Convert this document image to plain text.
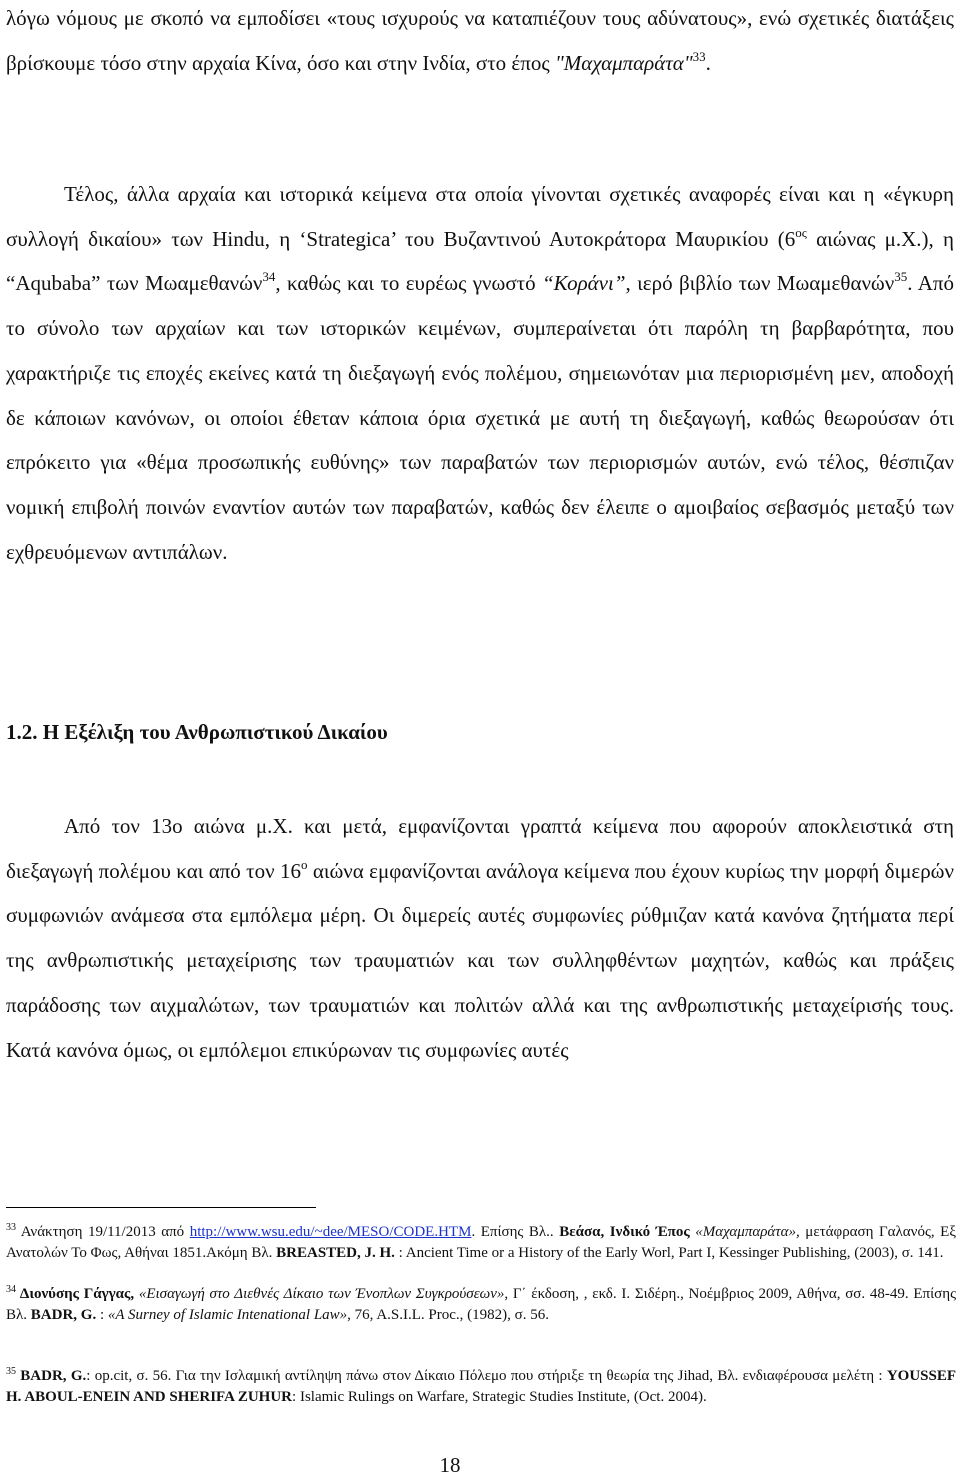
λόγω νόμους με σκοπό να εμποδίσει «τους ισχυρούς να καταπιέζουν τους αδύνατους», ενώ σχετικές διατάξεις βρίσκουμε τόσο στην αρχαία Κίνα, όσο και στην Ινδία, στο έπος "Μαχαμπαράτα"$^{33}$.

Τέλος, άλλα αρχαία και ιστορικά κείμενα στα οποία γίνονται σχετικές αναφορές είναι και η «έγκυρη συλλογή δικαίου» των Hindu, η ‘Strategica’ του Βυζαντινού Αυτοκράτορα Μαυρικίου ($6^{o\varsigma}$ αιώνας μ.Χ.), η “Aqubaba” των Μωαμεθανών$^{34}$, καθώς και το ευρέως γνωστό “Κοράνι”, ιερό βιβλίο των Μωαμεθανών$^{35}$. Από το σύνολο των αρχαίων και των ιστορικών κειμένων, συμπεραίνεται ότι παρόλη τη βαρβαρότητα, που χαρακτήριζε τις εποχές εκείνες κατά τη διεξαγωγή ενός πολέμου, σημειωνόταν μια περιορισμένη μεν, αποδοχή δε κάποιων κανόνων, οι οποίοι έθεταν κάποια όρια σχετικά με αυτή τη διεξαγωγή, καθώς θεωρούσαν ότι επρόκειτο για «θέμα προσωπικής ευθύνης» των παραβατών των περιορισμών αυτών, ενώ τέλος, θέσπιζαν νομική επιβολή ποινών εναντίον αυτών των παραβατών, καθώς δεν έλειπε ο αμοιβαίος σεβασμός μεταξύ των εχθρευόμενων αντιπάλων.

1.2. Η Εξέλιξη του Ανθρωπιστικού Δικαίου

Από τον 13ο αιώνα μ.Χ. και μετά, εμφανίζονται γραπτά κείμενα που αφορούν αποκλειστικά στη διεξαγωγή πολέμου και από τον $16^o$ αιώνα εμφανίζονται ανάλογα κείμενα που έχουν κυρίως την μορφή διμερών συμφωνιών ανάμεσα στα εμπόλεμα μέρη. Οι διμερείς αυτές συμφωνίες ρύθμιζαν κατά κανόνα ζητήματα περί της ανθρωπιστικής μεταχείρισης των τραυματιών και των συλληφθέντων μαχητών, καθώς και πράξεις παράδοσης των αιχμαλώτων, των τραυματιών και πολιτών αλλά και της ανθρωπιστικής μεταχείρισής τους. Κατά κανόνα όμως, οι εμπόλεμοι επικύρωναν τις συμφωνίες αυτές

$^{33}$ Ανάκτηση 19/11/2013 από http://www.wsu.edu/~dee/MESO/CODE.HTM. Επίσης Βλ.. Βεάσα, Ινδικό Έπος «Μαχαμπαράτα», μετάφραση Γαλανός, Εξ Ανατολών Το Φως, Αθήναι 1851.Ακόμη Βλ. BREASTED, J. H. : Ancient Time or a History of the Early Worl, Part I, Kessinger Publishing, (2003), σ. 141.

$^{34}$ Διονύσης Γάγγας, «Εισαγωγή στο Διεθνές Δίκαιο των Ένοπλων Συγκρούσεων», Γ΄ έκδοση, , εκδ. Ι. Σιδέρη., Νοέμβριος 2009, Αθήνα, σσ. 48-49. Επίσης Βλ. BADR, G. : «A Surney of Islamic Intenational Law», 76, A.S.I.L. Proc., (1982), σ. 56.

$^{35}$ BADR, G.: op.cit, σ. 56. Για την Ισλαμική αντίληψη πάνω στον Δίκαιο Πόλεμο που στήριξε τη θεωρία της Jihad, Βλ. ενδιαφέρουσα μελέτη : YOUSSEF H. ABOUL-ENEIN AND SHERIFA ZUHUR: Islamic Rulings on Warfare, Strategic Studies Institute, (Oct. 2004).

18
